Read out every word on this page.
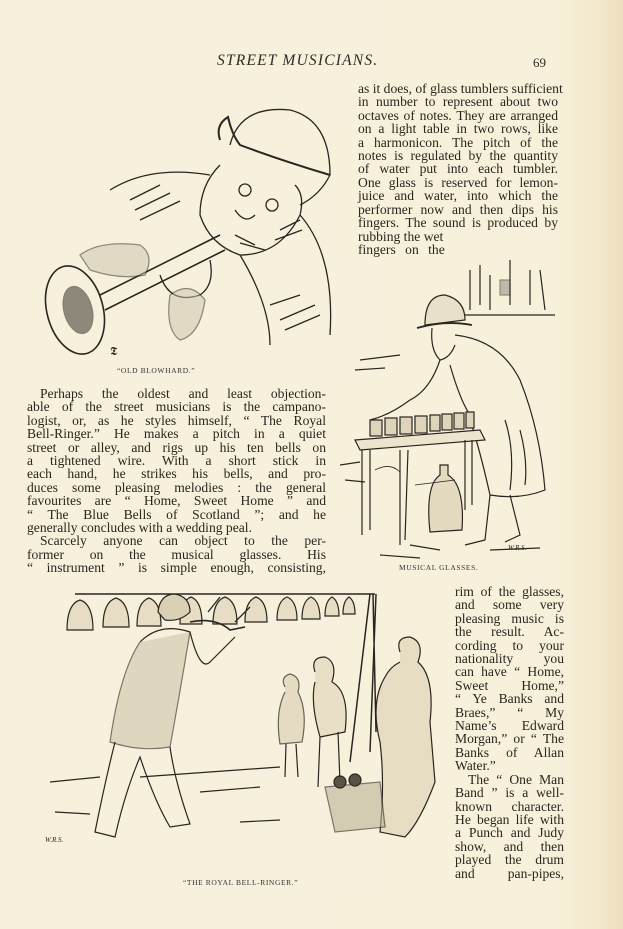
STREET MUSICIANS.	69
𝕿
“OLD BLOWHARD.”

as it does, of glass tumblers sufficient
in number to represent about two
octaves of notes. They are arranged
on a light table in two rows, like
a harmonicon. The pitch of the
notes is regulated by the quantity
of water put into each tumbler.
One glass is reserved for lemon-
juice and water, into which the
performer now and then dips his
fingers. The sound is produced by

rubbing the wet
fingers on the
W.R.S.
MUSICAL GLASSES.

Perhaps the oldest and least objection-
able of the street musicians is the campano-
logist, or, as he styles himself, “ The Royal
Bell-Ringer.” He makes a pitch in a quiet
street or alley, and rigs up his ten bells on
a tightened wire. With a short stick in
each hand, he strikes his bells, and pro-
duces some pleasing melodies : the general
favourites are “ Home, Sweet Home ” and
“ The Blue Bells of Scotland ”; and he
generally concludes with a wedding peal.

Scarcely anyone can object to the per-
former on the musical glasses. His
“ instrument ” is simple enough, consisting,

W.R.S.
“THE ROYAL BELL-RINGER.”

rim of the glasses,
and some very
pleasing music is
the result. Ac-
cording to your
nationality you
can have “ Home,
Sweet Home,”
“ Ye Banks and
Braes,” “ My
Name’s Edward
Morgan,” or “ The
Banks of Allan
Water.”

The “ One Man
Band ” is a well-
known character.
He began life with
a Punch and Judy
show, and then
played the drum
and pan-pipes,
